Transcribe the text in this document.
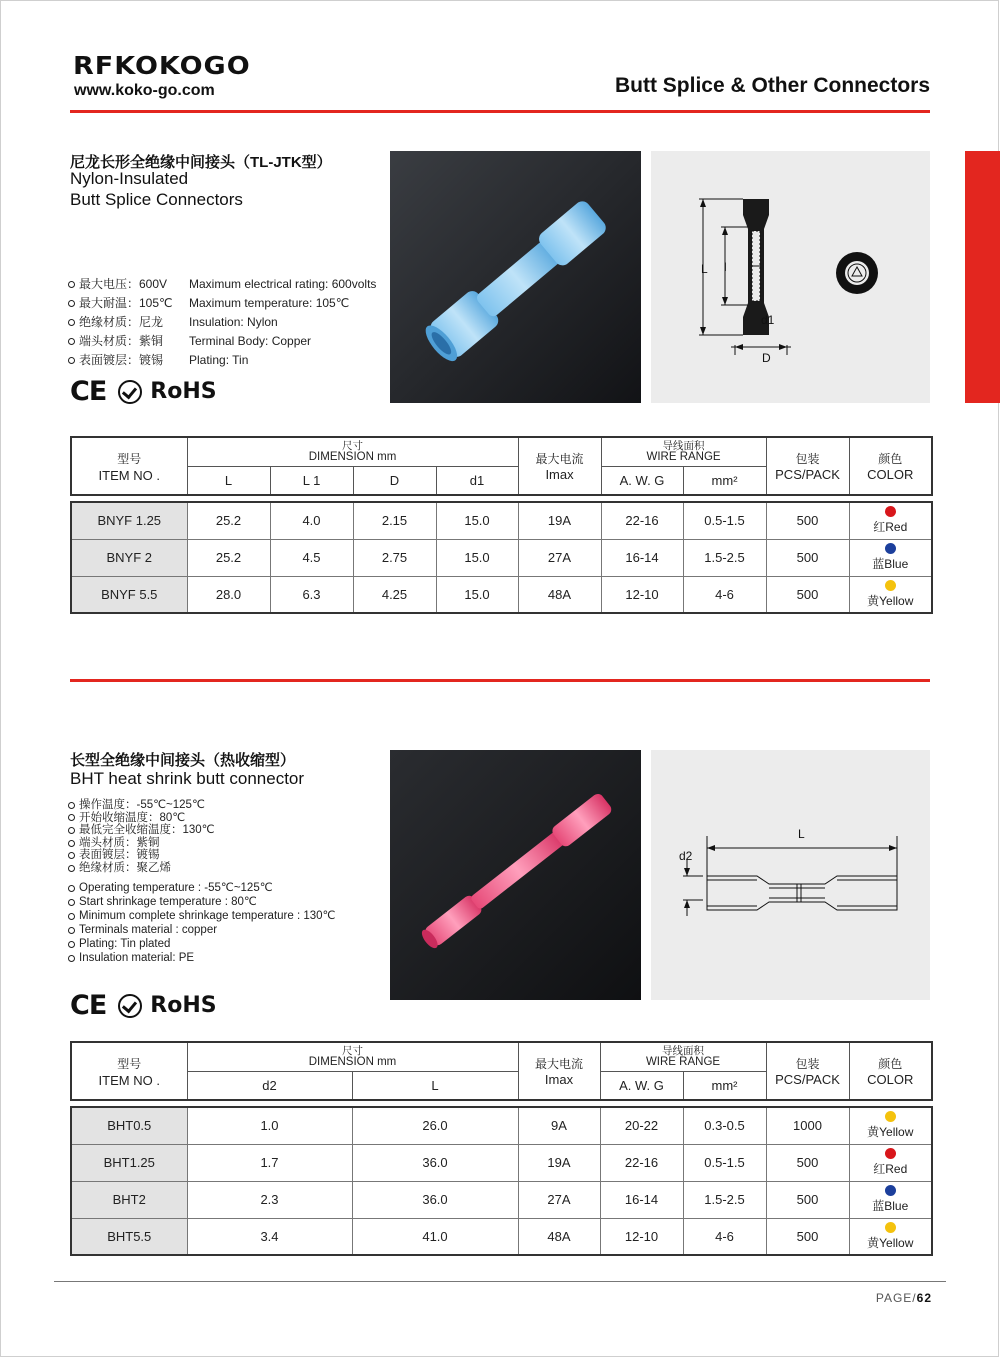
RFKOKOGO
www.koko-go.com	Butt Splice & Other Connectors
尼龙长形全绝缘中间接头（TL-JTK型）
Nylon-Insulated
Butt Splice Connectors
最大电压：600V	Maximum electrical rating: 600volts
最大耐温：105℃	Maximum temperature: 105℃
绝缘材质：尼龙	Insulation: Nylon
端头材质：紫铜	Terminal Body: Copper
表面镀层：镀锡	Plating: Tin
CE RoHS
L l
d1
D
型号
ITEM NO .	尺寸
DIMENSION mm				最大电流
Imax	导线面积
WIRE RANGE		包装
PCS/PACK	颜色
COLOR

	L	L 1	D	d1		A. W. G	mm²		
BNYF 1.25	25.2	4.0	2.15	15.0	19A	22-16	0.5-1.5	500	红Red
BNYF 2	25.2	4.5	2.75	15.0	27A	16-14	1.5-2.5	500	蓝Blue
BNYF 5.5	28.0	6.3	4.25	15.0	48A	12-10	4-6	500	黄Yellow
长型全绝缘中间接头（热收缩型）
BHT heat shrink butt connector
操作温度：-55℃~125℃
开始收缩温度：80℃
最低完全收缩温度：130℃
端头材质：紫铜
表面镀层：镀锡
绝缘材质：聚乙烯
Operating temperature : -55℃~125℃
Start shrinkage temperature : 80℃
Minimum complete shrinkage temperature : 130℃
Terminals material : copper
Plating: Tin plated
Insulation material: PE
CE RoHS
L
d2
型号
ITEM NO .	尺寸
DIMENSION mm		最大电流
Imax	导线面积
WIRE RANGE		包装
PCS/PACK	颜色
COLOR

	d2	L		A. W. G	mm²		
BHT0.5	1.0	26.0	9A	20-22	0.3-0.5	1000	黄Yellow
BHT1.25	1.7	36.0	19A	22-16	0.5-1.5	500	红Red
BHT2	2.3	36.0	27A	16-14	1.5-2.5	500	蓝Blue
BHT5.5	3.4	41.0	48A	12-10	4-6	500	黄Yellow
PAGE/62
